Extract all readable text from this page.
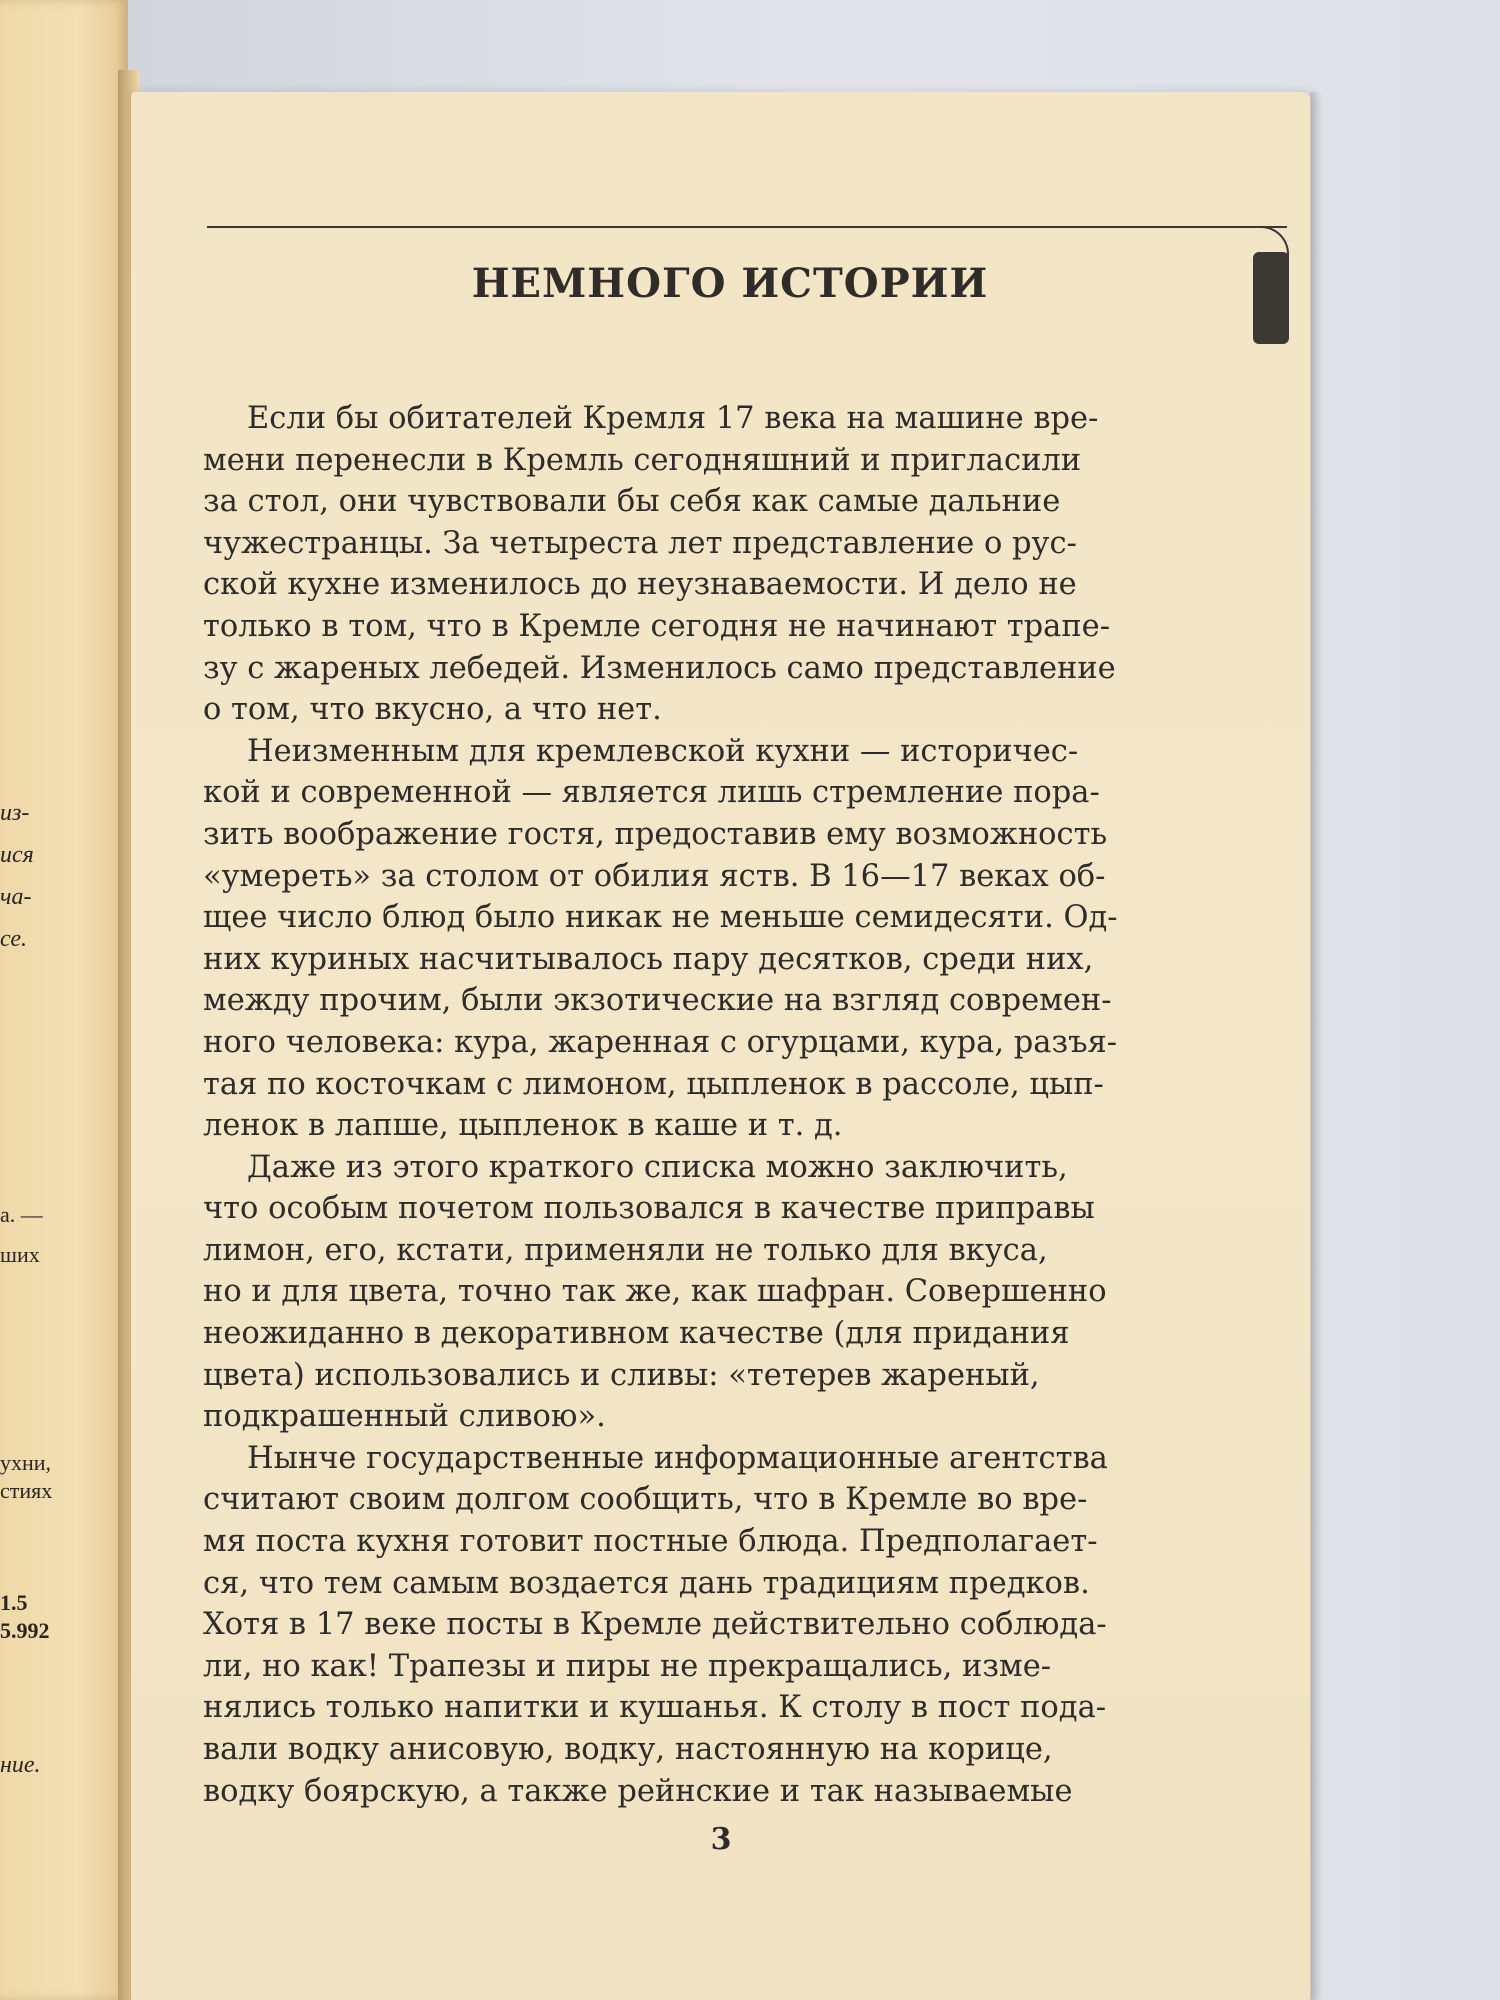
из-
ися
ча-
се.
а. —
ших
ухни,
стиях
1.5
5.992
ние.
НЕМНОГО ИСТОРИИ
Если бы обитателей Кремля 17 века на машине вре-
мени перенесли в Кремль сегодняшний и пригласили
за стол, они чувствовали бы себя как самые дальние
чужестранцы. За четыреста лет представление о рус-
ской кухне изменилось до неузнаваемости. И дело не
только в том, что в Кремле сегодня не начинают трапе-
зу с жареных лебедей. Изменилось само представление
о том, что вкусно, а что нет.
Неизменным для кремлевской кухни — историчес-
кой и современной — является лишь стремление пора-
зить воображение гостя, предоставив ему возможность
«умереть» за столом от обилия яств. В 16—17 веках об-
щее число блюд было никак не меньше семидесяти. Од-
них куриных насчитывалось пару десятков, среди них,
между прочим, были экзотические на взгляд современ-
ного человека: кура, жаренная с огурцами, кура, разъя-
тая по косточкам с лимоном, цыпленок в рассоле, цып-
ленок в лапше, цыпленок в каше и т. д.
Даже из этого краткого списка можно заключить,
что особым почетом пользовался в качестве приправы
лимон, его, кстати, применяли не только для вкуса,
но и для цвета, точно так же, как шафран. Совершенно
неожиданно в декоративном качестве (для придания
цвета) использовались и сливы: «тетерев жареный,
подкрашенный сливою».
Нынче государственные информационные агентства
считают своим долгом сообщить, что в Кремле во вре-
мя поста кухня готовит постные блюда. Предполагает-
ся, что тем самым воздается дань традициям предков.
Хотя в 17 веке посты в Кремле действительно соблюда-
ли, но как! Трапезы и пиры не прекращались, изме-
нялись только напитки и кушанья. К столу в пост пода-
вали водку анисовую, водку, настоянную на корице,
водку боярскую, а также рейнские и так называемые
3
